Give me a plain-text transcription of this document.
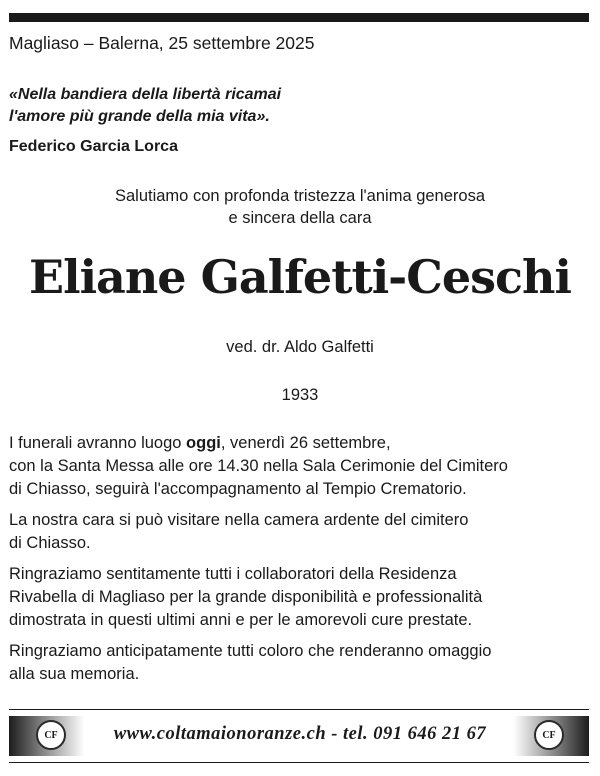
Magliaso – Balerna, 25 settembre 2025
«Nella bandiera della libertà ricamai
l'amore più grande della mia vita».
Federico Garcia Lorca
Salutiamo con profonda tristezza l'anima generosa
e sincera della cara
Eliane Galfetti-Ceschi
ved. dr. Aldo Galfetti
1933

I funerali avranno luogo oggi, venerdì 26 settembre,
con la Santa Messa alle ore 14.30 nella Sala Cerimonie del Cimitero
di Chiasso, seguirà l'accompagnamento al Tempio Crematorio.

La nostra cara si può visitare nella camera ardente del cimitero
di Chiasso.

Ringraziamo sentitamente tutti i collaboratori della Residenza
Rivabella di Magliaso per la grande disponibilità e professionalità
dimostrata in questi ultimi anni e per le amorevoli cure prestate.

Ringraziamo anticipatamente tutti coloro che renderanno omaggio
alla sua memoria.

CF	CF
www.coltamaionoranze.ch - tel. 091 646 21 67
